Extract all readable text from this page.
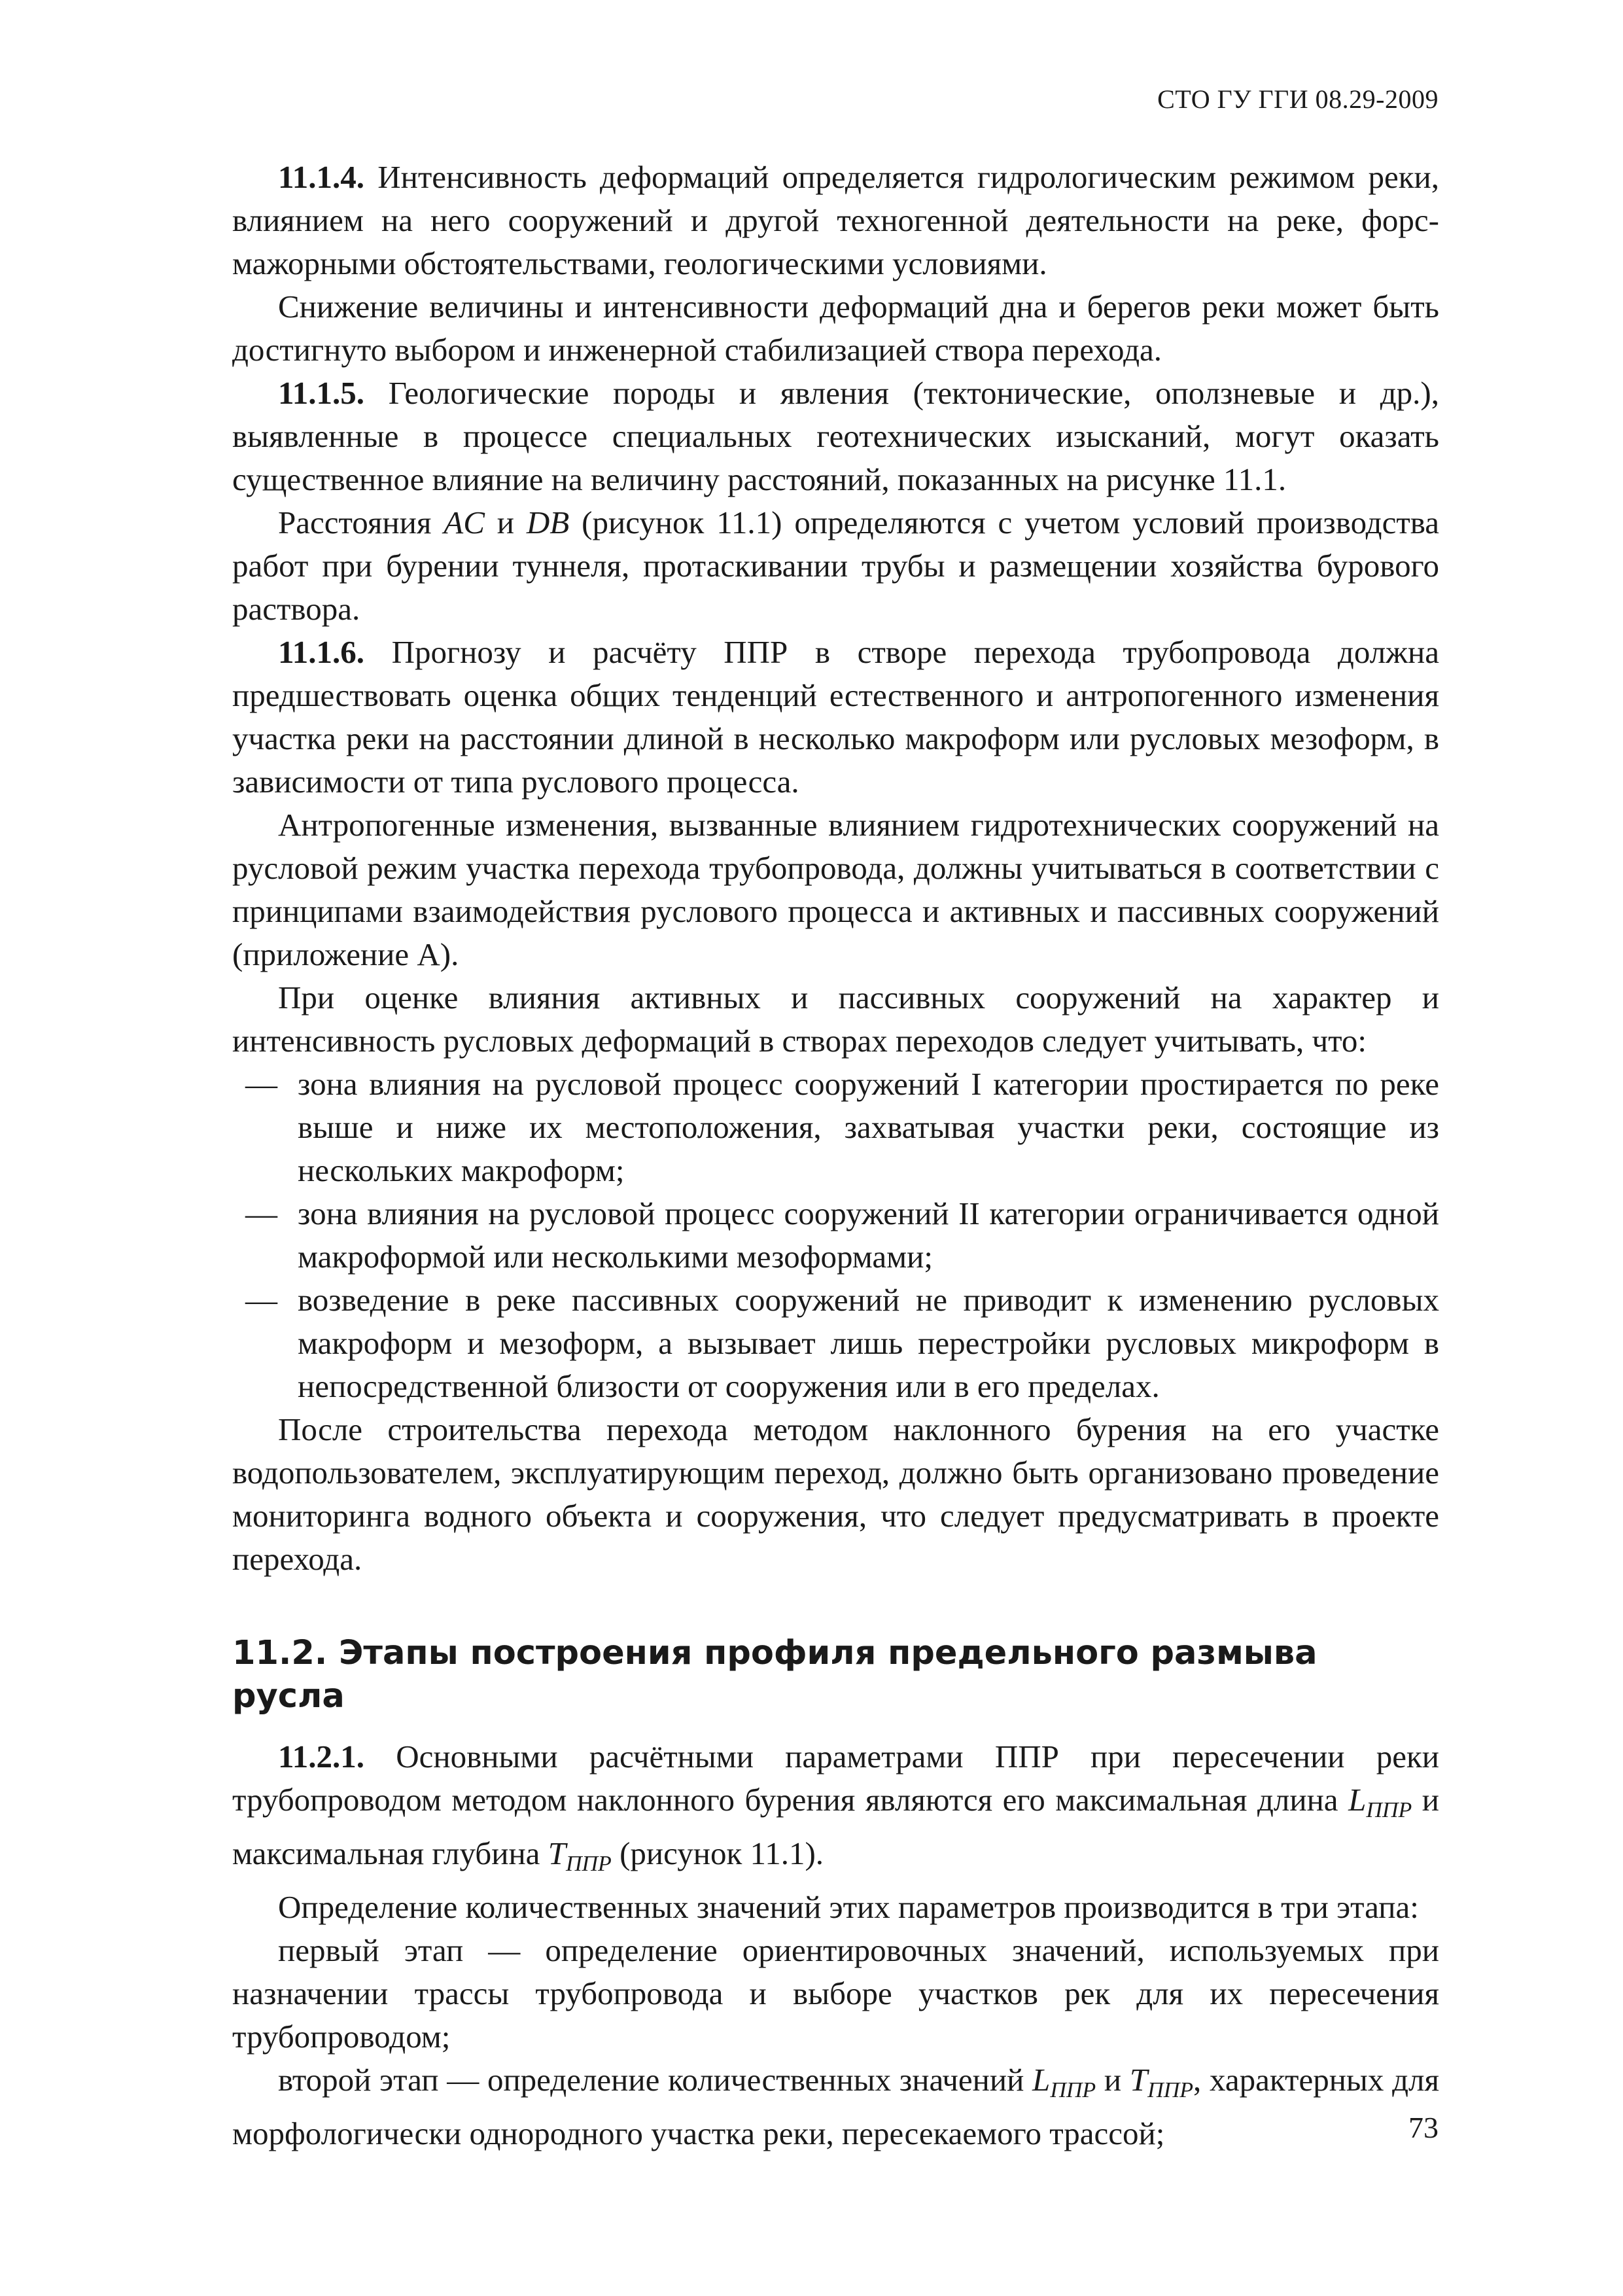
СТО ГУ ГГИ 08.29-2009

11.1.4. Интенсивность деформаций определяется гидрологическим режимом реки, влиянием на него сооружений и другой техногенной деятельности на реке, форс-мажорными обстоятельствами, геологическими условиями.

Снижение величины и интенсивности деформаций дна и берегов реки может быть достигнуто выбором и инженерной стабилизацией створа перехода.

11.1.5. Геологические породы и явления (тектонические, оползневые и др.), выявленные в процессе специальных геотехнических изысканий, могут оказать существенное влияние на величину расстояний, показанных на рисунке 11.1.

Расстояния AC и DB (рисунок 11.1) определяются с учетом условий производства работ при бурении туннеля, протаскивании трубы и размещении хозяйства бурового раствора.

11.1.6. Прогнозу и расчёту ППР в створе перехода трубопровода должна предшествовать оценка общих тенденций естественного и антропогенного изменения участка реки на расстоянии длиной в несколько макроформ или русловых мезоформ, в зависимости от типа руслового процесса.

Антропогенные изменения, вызванные влиянием гидротехнических сооружений на русловой режим участка перехода трубопровода, должны учитываться в соответствии с принципами взаимодействия руслового процесса и активных и пассивных сооружений (приложение А).

При оценке влияния активных и пассивных сооружений на характер и интенсивность русловых деформаций в створах переходов следует учитывать, что:

— зона влияния на русловой процесс сооружений I категории простирается по реке выше и ниже их местоположения, захватывая участки реки, состоящие из нескольких макроформ;
— зона влияния на русловой процесс сооружений II категории ограничивается одной макроформой или несколькими мезоформами;
— возведение в реке пассивных сооружений не приводит к изменению русловых макроформ и мезоформ, а вызывает лишь перестройки русловых микроформ в непосредственной близости от сооружения или в его пределах.

После строительства перехода методом наклонного бурения на его участке водопользователем, эксплуатирующим переход, должно быть организовано проведение мониторинга водного объекта и сооружения, что следует предусматривать в проекте перехода.

11.2. Этапы построения профиля предельного размыва русла

11.2.1. Основными расчётными параметрами ППР при пересечении реки трубопроводом методом наклонного бурения являются его максимальная длина $L_{ППР}$ и максимальная глубина $T_{ППР}$ (рисунок 11.1).

Определение количественных значений этих параметров производится в три этапа:

первый этап — определение ориентировочных значений, используемых при назначении трассы трубопровода и выборе участков рек для их пересечения трубопроводом;

второй этап — определение количественных значений $L_{ППР}$ и $T_{ППР}$, характерных для морфологически однородного участка реки, пересекаемого трассой;	73
